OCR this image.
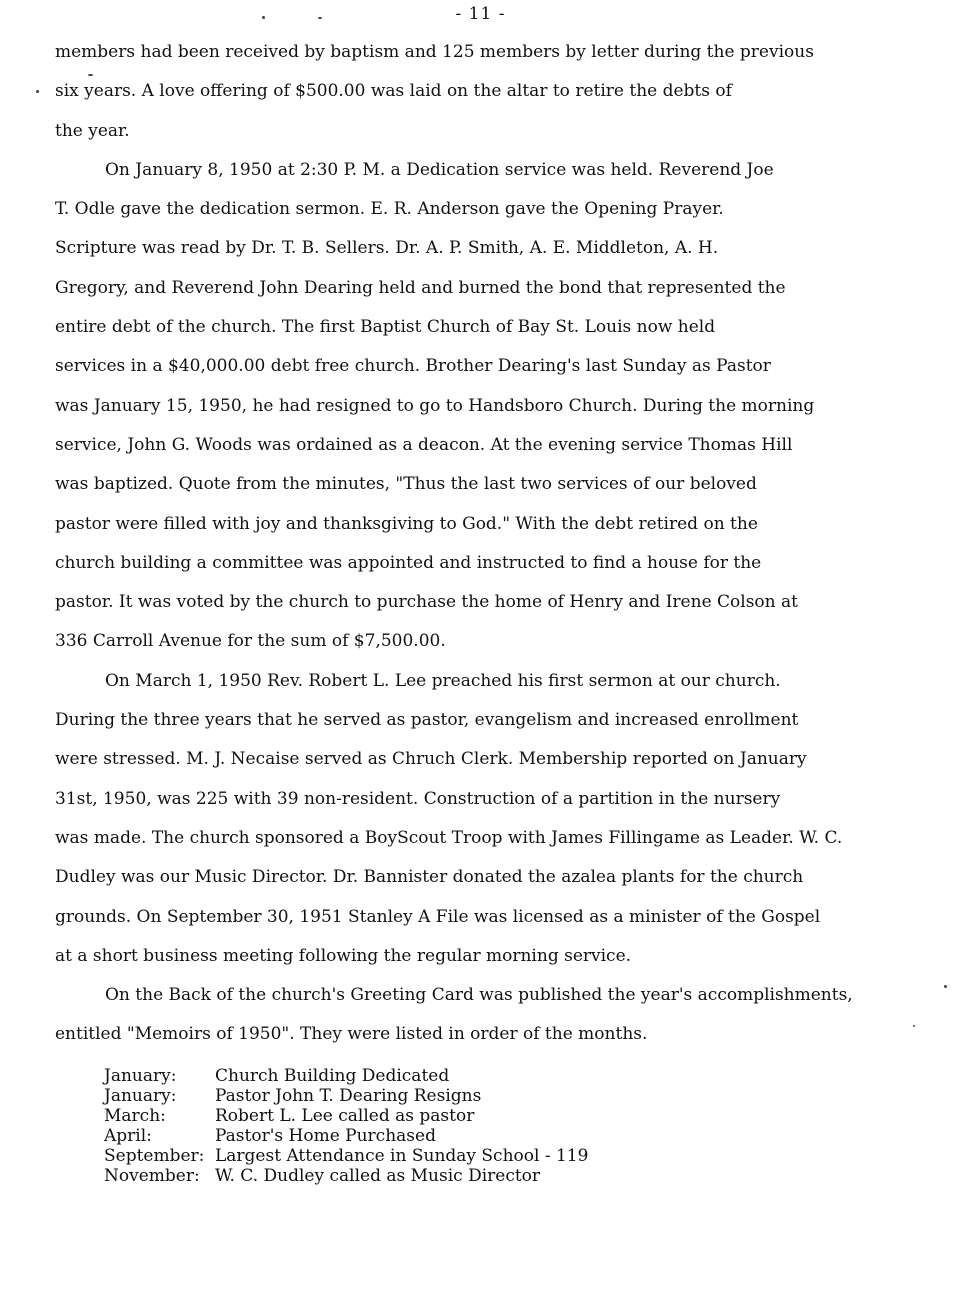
- 11 -

members had been received by baptism and 125 members by letter during the previous
six years. A love offering of $500.00 was laid on the altar to retire the debts of
the year.

On January 8, 1950 at 2:30 P. M. a Dedication service was held. Reverend Joe
T. Odle gave the dedication sermon. E. R. Anderson gave the Opening Prayer.
Scripture was read by Dr. T. B. Sellers. Dr. A. P. Smith, A. E. Middleton, A. H.
Gregory, and Reverend John Dearing held and burned the bond that represented the
entire debt of the church. The first Baptist Church of Bay St. Louis now held
services in a $40,000.00 debt free church. Brother Dearing's last Sunday as Pastor
was January 15, 1950, he had resigned to go to Handsboro Church. During the morning
service, John G. Woods was ordained as a deacon. At the evening service Thomas Hill
was baptized. Quote from the minutes, "Thus the last two services of our beloved
pastor were filled with joy and thanksgiving to God." With the debt retired on the
church building a committee was appointed and instructed to find a house for the
pastor. It was voted by the church to purchase the home of Henry and Irene Colson at
336 Carroll Avenue for the sum of $7,500.00.

On March 1, 1950 Rev. Robert L. Lee preached his first sermon at our church.
During the three years that he served as pastor, evangelism and increased enrollment
were stressed. M. J. Necaise served as Chruch Clerk. Membership reported on January
31st, 1950, was 225 with 39 non-resident. Construction of a partition in the nursery
was made. The church sponsored a BoyScout Troop with James Fillingame as Leader. W. C.
Dudley was our Music Director. Dr. Bannister donated the azalea plants for the church
grounds. On September 30, 1951 Stanley A File was licensed as a minister of the Gospel
at a short business meeting following the regular morning service.

On the Back of the church's Greeting Card was published the year's accomplishments,
entitled "Memoirs of 1950". They were listed in order of the months.

January:	Church Building Dedicated
January:	Pastor John T. Dearing Resigns
March:	Robert L. Lee called as pastor
April:	Pastor's Home Purchased
September: Largest Attendance in Sunday School - 119
November: W. C. Dudley called as Music Director
